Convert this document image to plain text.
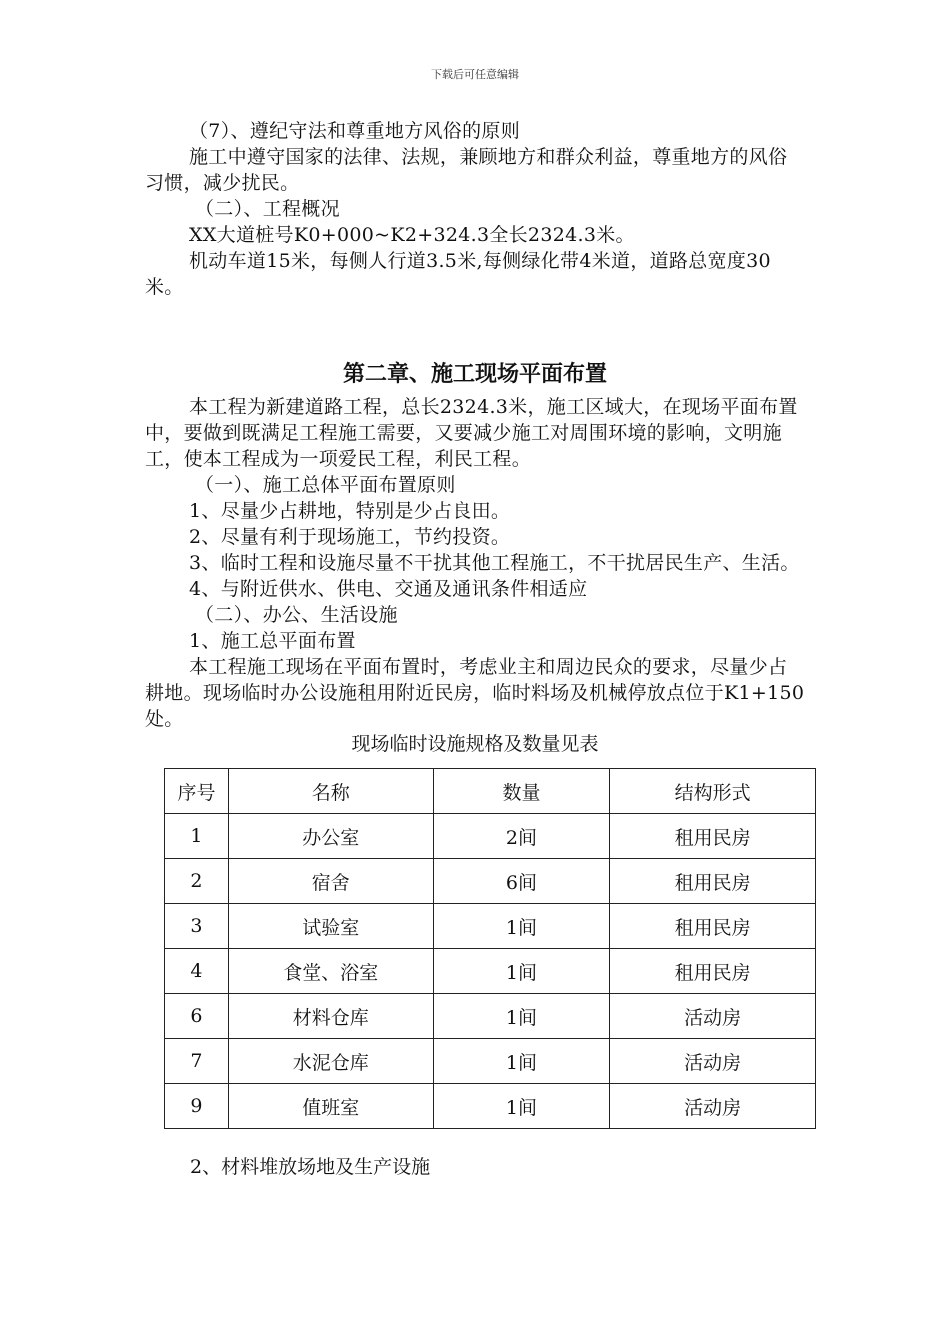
下载后可任意编辑

（7）、遵纪守法和尊重地方风俗的原则

施工中遵守国家的法律、法规，兼顾地方和群众利益，尊重地方的风俗习惯，减少扰民。

（二）、工程概况

XX大道桩号K0+000~K2+324.3全长2324.3米。

机动车道15米，每侧人行道3.5米,每侧绿化带4米道，道路总宽度30米。

第二章、施工现场平面布置

本工程为新建道路工程，总长2324.3米，施工区域大，在现场平面布置中，要做到既满足工程施工需要，又要减少施工对周围环境的影响，文明施工，使本工程成为一项爱民工程，利民工程。

（一）、施工总体平面布置原则

1、尽量少占耕地，特别是少占良田。

2、尽量有利于现场施工，节约投资。

3、临时工程和设施尽量不干扰其他工程施工，不干扰居民生产、生活。

4、与附近供水、供电、交通及通讯条件相适应

（二）、办公、生活设施

1、施工总平面布置

本工程施工现场在平面布置时，考虑业主和周边民众的要求，尽量少占耕地。现场临时办公设施租用附近民房，临时料场及机械停放点位于K1+150处。

现场临时设施规格及数量见表

序号	名称	数量	结构形式
1	办公室	2间	租用民房
2	宿舍	6间	租用民房
3	试验室	1间	租用民房
4	食堂、浴室	1间	租用民房
6	材料仓库	1间	活动房
7	水泥仓库	1间	活动房
9	值班室	1间	活动房
2、材料堆放场地及生产设施
